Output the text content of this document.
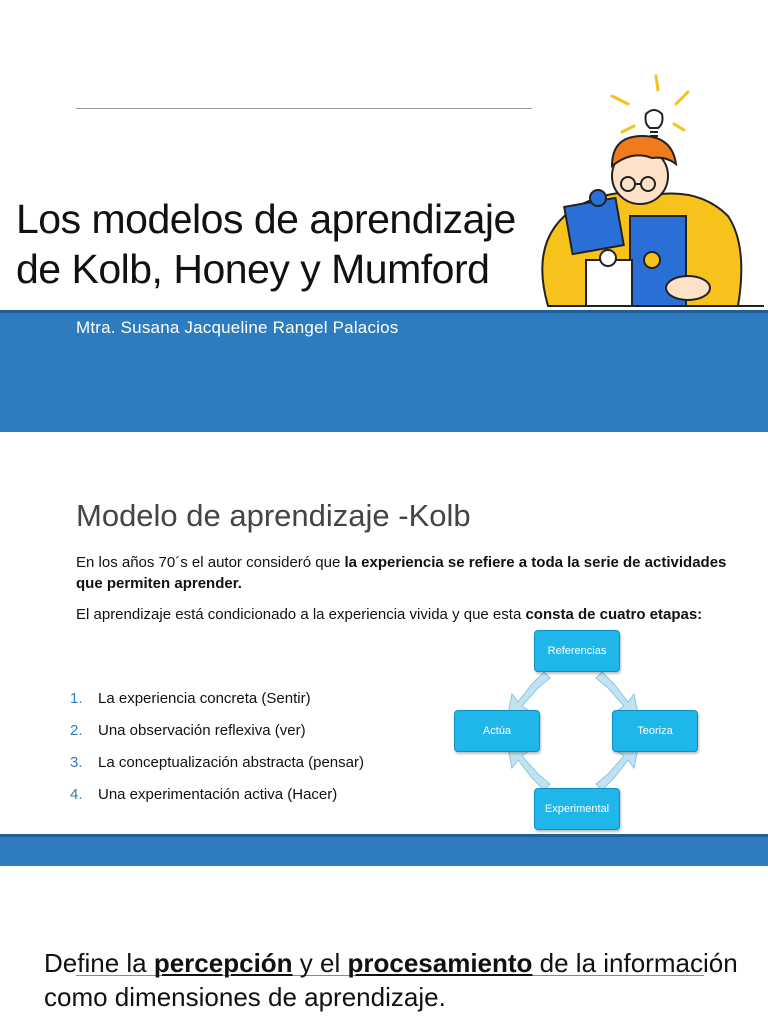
Los modelos de aprendizaje
de Kolb, Honey y Mumford
Mtra. Susana Jacqueline Rangel Palacios
Modelo de aprendizaje -Kolb
En los años 70´s el autor consideró que la experiencia se refiere a toda la serie de actividades que permiten aprender.
El aprendizaje está condicionado a la experiencia vivida y que esta consta de cuatro etapas:
1. La experiencia concreta (Sentir)
2. Una observación reflexiva (ver)
3. La conceptualización abstracta (pensar)
4. Una experimentación activa (Hacer)
Referencias
Actúa	Teoriza
Experimental
Define la percepción y el procesamiento de la información como dimensiones de aprendizaje.
